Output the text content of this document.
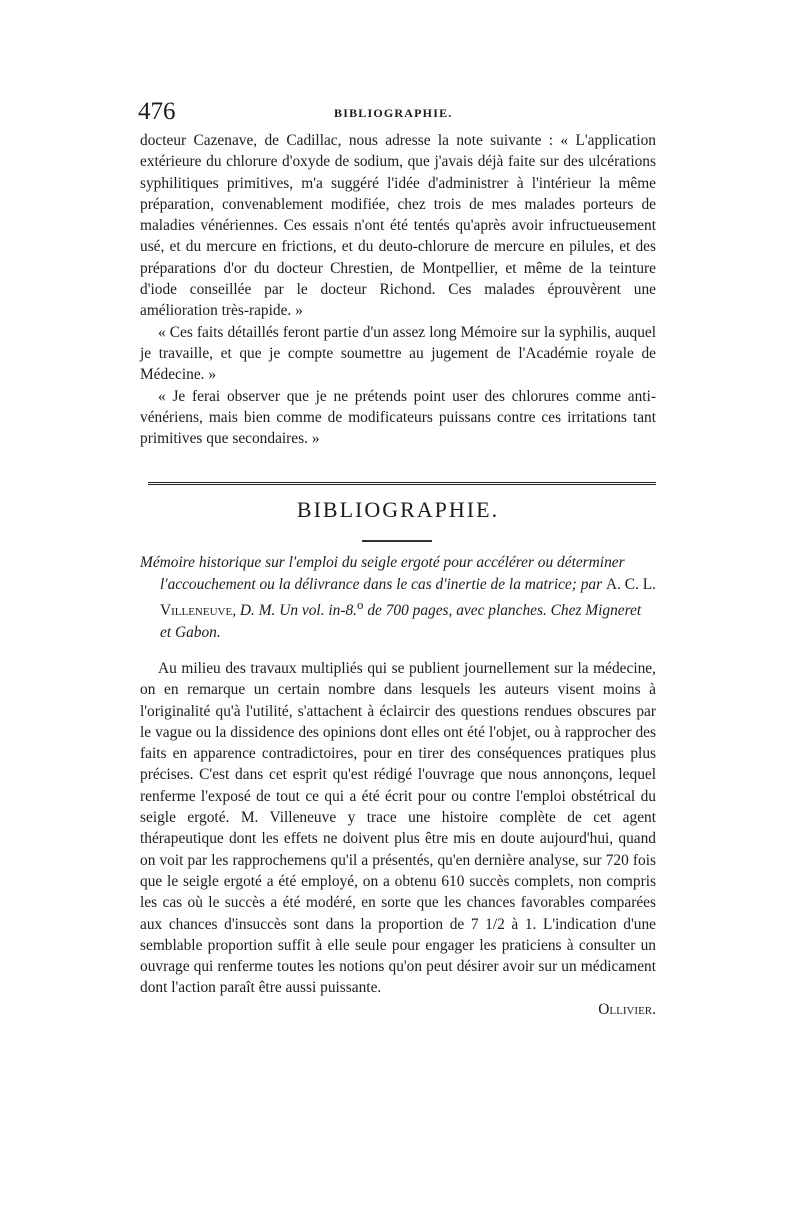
476	BIBLIOGRAPHIE.

docteur Cazenave, de Cadillac, nous adresse la note suivante : « L'application extérieure du chlorure d'oxyde de sodium, que j'avais déjà faite sur des ulcérations syphilitiques primitives, m'a suggéré l'idée d'administrer à l'intérieur la même préparation, convenablement modifiée, chez trois de mes malades porteurs de maladies vénériennes. Ces essais n'ont été tentés qu'après avoir infructueusement usé, et du mercure en frictions, et du deuto-chlorure de mercure en pilules, et des préparations d'or du docteur Chrestien, de Montpellier, et même de la teinture d'iode conseillée par le docteur Richond. Ces malades éprouvèrent une amélioration très-rapide. »

« Ces faits détaillés feront partie d'un assez long Mémoire sur la syphilis, auquel je travaille, et que je compte soumettre au jugement de l'Académie royale de Médecine. »

« Je ferai observer que je ne prétends point user des chlorures comme anti-vénériens, mais bien comme de modificateurs puissans contre ces irritations tant primitives que secondaires. »

BIBLIOGRAPHIE.
Mémoire historique sur l'emploi du seigle ergoté pour accélérer ou déterminer l'accouchement ou la délivrance dans le cas d'inertie de la matrice; par A. C. L. Villeneuve, D. M. Un vol. in-8.$^o$ de 700 pages, avec planches. Chez Migneret et Gabon.

Au milieu des travaux multipliés qui se publient journellement sur la médecine, on en remarque un certain nombre dans lesquels les auteurs visent moins à l'originalité qu'à l'utilité, s'attachent à éclaircir des questions rendues obscures par le vague ou la dissidence des opinions dont elles ont été l'objet, ou à rapprocher des faits en apparence contradictoires, pour en tirer des conséquences pratiques plus précises. C'est dans cet esprit qu'est rédigé l'ouvrage que nous annonçons, lequel renferme l'exposé de tout ce qui a été écrit pour ou contre l'emploi obstétrical du seigle ergoté. M. Villeneuve y trace une histoire complète de cet agent thérapeutique dont les effets ne doivent plus être mis en doute aujourd'hui, quand on voit par les rapprochemens qu'il a présentés, qu'en dernière analyse, sur 720 fois que le seigle ergoté a été employé, on a obtenu 610 succès complets, non compris les cas où le succès a été modéré, en sorte que les chances favorables comparées aux chances d'insuccès sont dans la proportion de 7 1/2 à 1. L'indication d'une semblable proportion suffit à elle seule pour engager les praticiens à consulter un ouvrage qui renferme toutes les notions qu'on peut désirer avoir sur un médicament dont l'action paraît être aussi puissante.

Ollivier.
